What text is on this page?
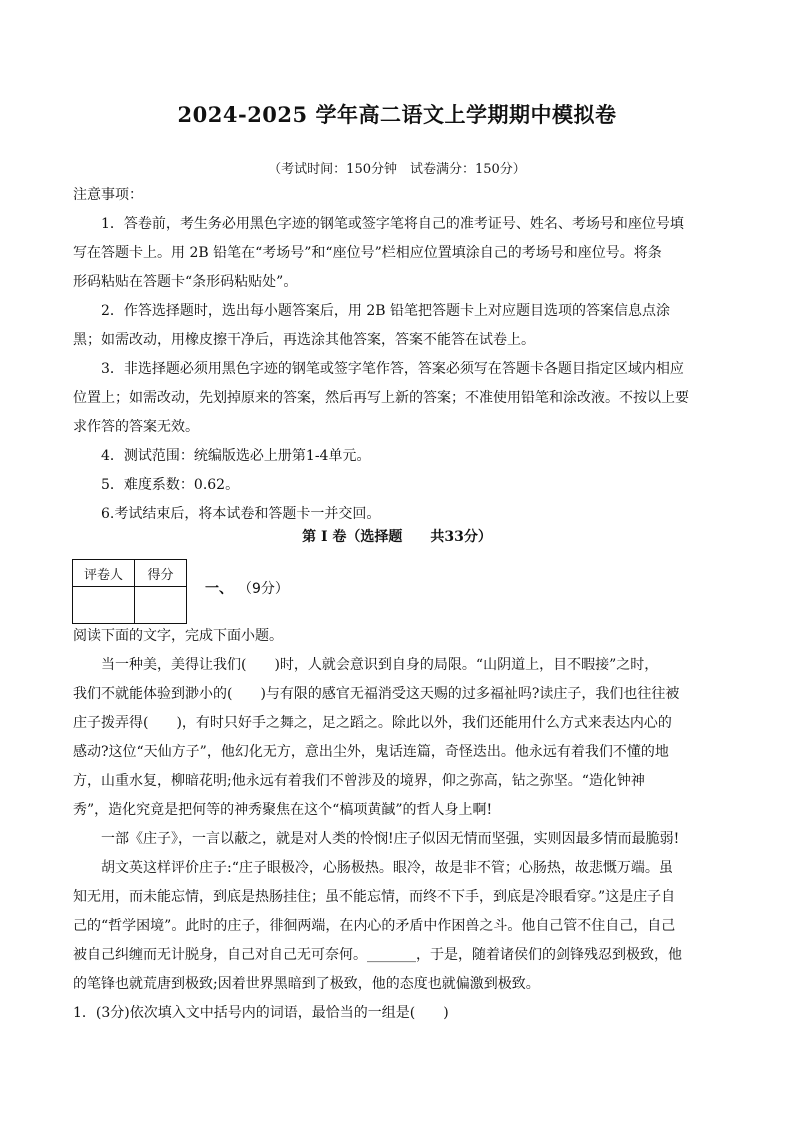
2024-2025 学年高二语文上学期期中模拟卷
（考试时间：150分钟　试卷满分：150分）
注意事项：
1．答卷前，考生务必用黑色字迹的钢笔或签字笔将自己的准考证号、姓名、考场号和座位号填
写在答题卡上。用 2B 铅笔在“考场号”和“座位号”栏相应位置填涂自己的考场号和座位号。将条
形码粘贴在答题卡“条形码粘贴处”。
2．作答选择题时，选出每小题答案后，用 2B 铅笔把答题卡上对应题目选项的答案信息点涂
黑；如需改动，用橡皮擦干净后，再选涂其他答案，答案不能答在试卷上。
3．非选择题必须用黑色字迹的钢笔或签字笔作答，答案必须写在答题卡各题目指定区域内相应
位置上；如需改动，先划掉原来的答案，然后再写上新的答案；不准使用铅笔和涂改液。不按以上要
求作答的答案无效。
4．测试范围：统编版选必上册第1-4单元。
5．难度系数：0.62。
6.考试结束后，将本试卷和答题卡一并交回。
第 I 卷（选择题　　共33分）
评卷人	得分

一、 （9分）
阅读下面的文字，完成下面小题。
当一种美，美得让我们(　　)时，人就会意识到自身的局限。“山阴道上，目不暇接”之时，
我们不就能体验到渺小的(　　)与有限的感官无福消受这天赐的过多福祉吗?读庄子，我们也往往被
庄子拨弄得(　　)，有时只好手之舞之，足之蹈之。除此以外，我们还能用什么方式来表达内心的
感动?这位“天仙方子”，他幻化无方，意出尘外，鬼话连篇，奇怪迭出。他永远有着我们不懂的地
方，山重水复，柳暗花明;他永远有着我们不曾涉及的境界，仰之弥高，钻之弥坚。“造化钟神
秀”，造化究竟是把何等的神秀聚焦在这个“槁项黄馘”的哲人身上啊!
一部《庄子》，一言以蔽之，就是对人类的怜悯!庄子似因无情而坚强，实则因最多情而最脆弱!
胡文英这样评价庄子:“庄子眼极冷，心肠极热。眼冷，故是非不管；心肠热，故悲慨万端。虽
知无用，而未能忘情，到底是热肠挂住；虽不能忘情，而终不下手，到底是冷眼看穿。”这是庄子自
己的“哲学困境”。此时的庄子，徘徊两端，在内心的矛盾中作困兽之斗。他自己管不住自己，自己
被自己纠缠而无计脱身，自己对自己无可奈何。_______，于是，随着诸侯们的剑锋残忍到极致，他
的笔锋也就荒唐到极致;因着世界黑暗到了极致，他的态度也就偏激到极致。
1．(3分)依次填入文中括号内的词语，最恰当的一组是(　　)
